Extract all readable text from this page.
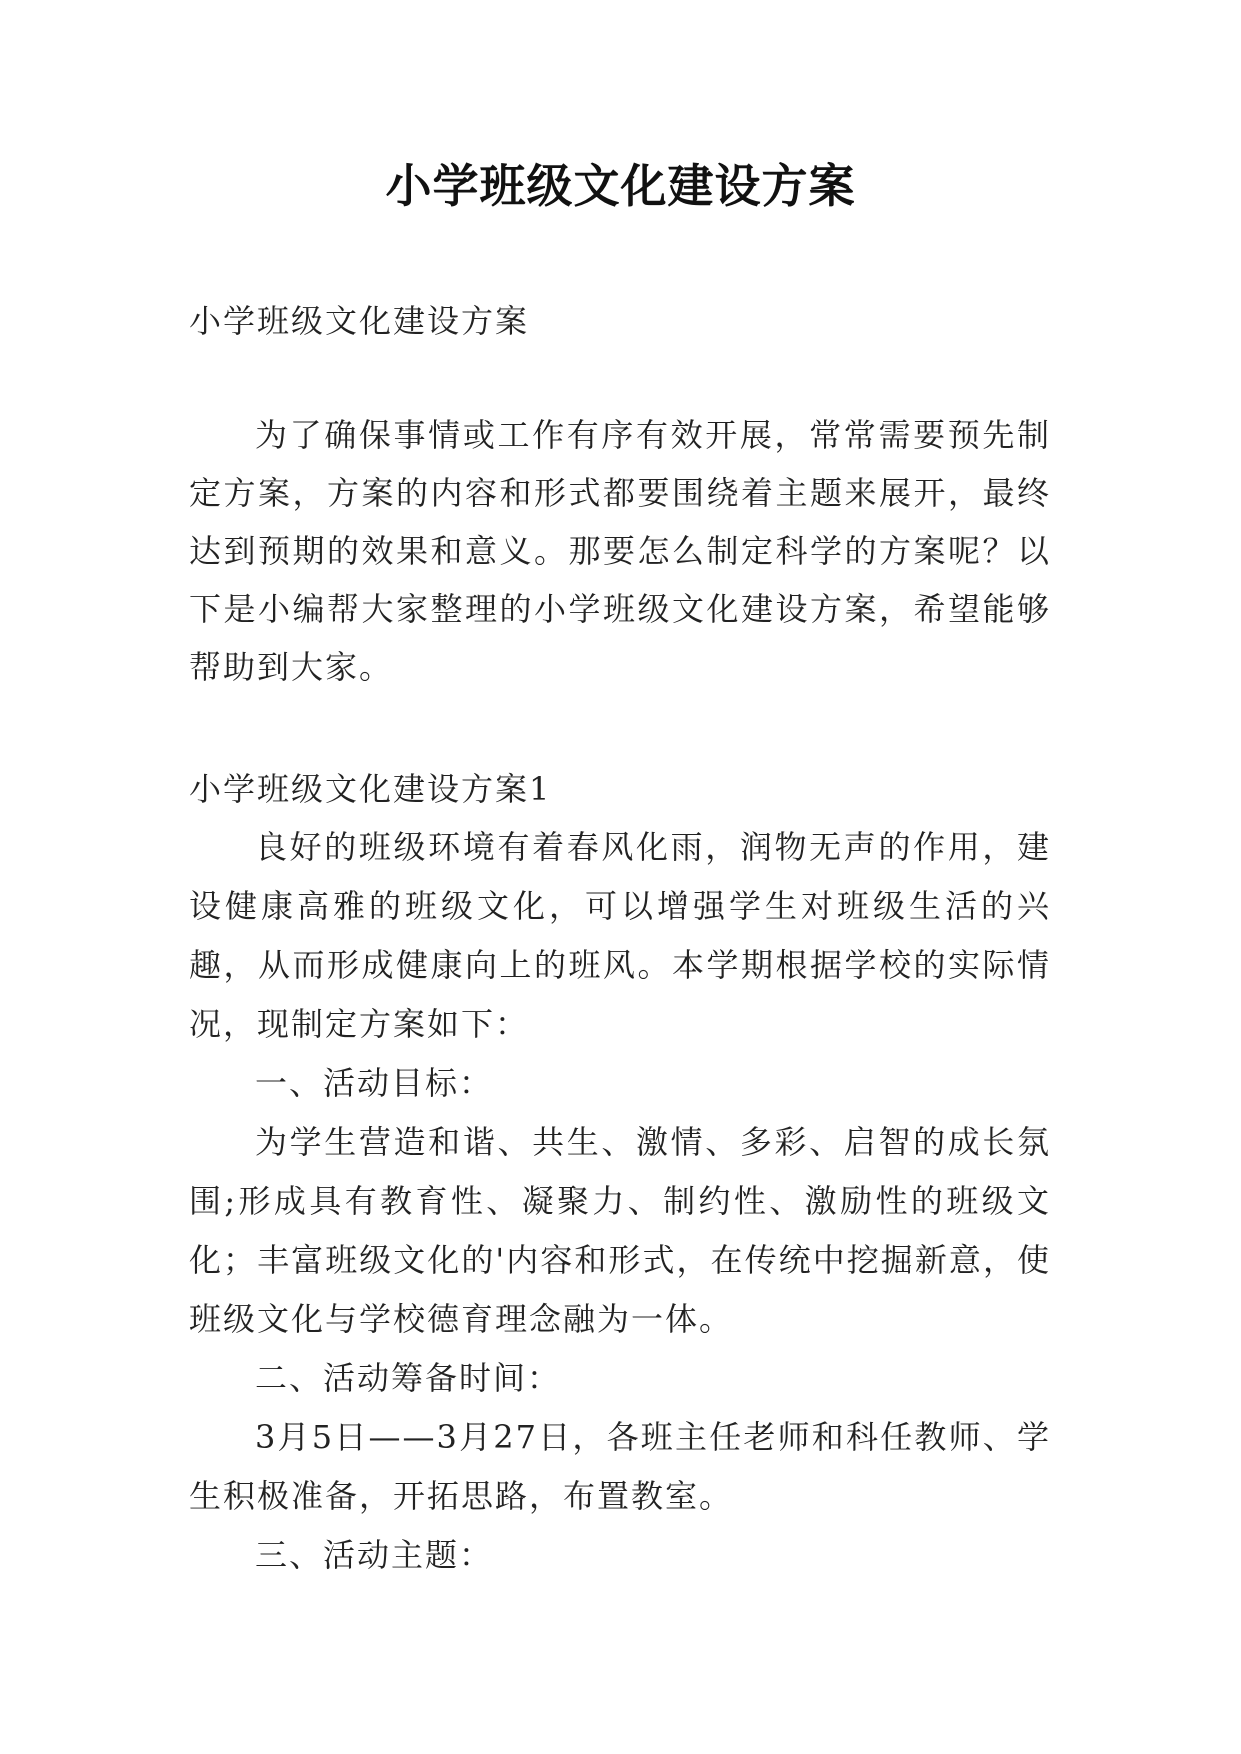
小学班级文化建设方案
小学班级文化建设方案
为了确保事情或工作有序有效开展，常常需要预先制定方案，方案的内容和形式都要围绕着主题来展开，最终达到预期的效果和意义。那要怎么制定科学的方案呢？以下是小编帮大家整理的小学班级文化建设方案，希望能够帮助到大家。
小学班级文化建设方案1

良好的班级环境有着春风化雨，润物无声的作用，建设健康高雅的班级文化，可以增强学生对班级生活的兴趣，从而形成健康向上的班风。本学期根据学校的实际情况，现制定方案如下：

一、活动目标：

为学生营造和谐、共生、激情、多彩、启智的成长氛围;形成具有教育性、凝聚力、制约性、激励性的班级文化；丰富班级文化的'内容和形式，在传统中挖掘新意，使班级文化与学校德育理念融为一体。

二、活动筹备时间：

3月5日——3月27日，各班主任老师和科任教师、学生积极准备，开拓思路，布置教室。

三、活动主题：
